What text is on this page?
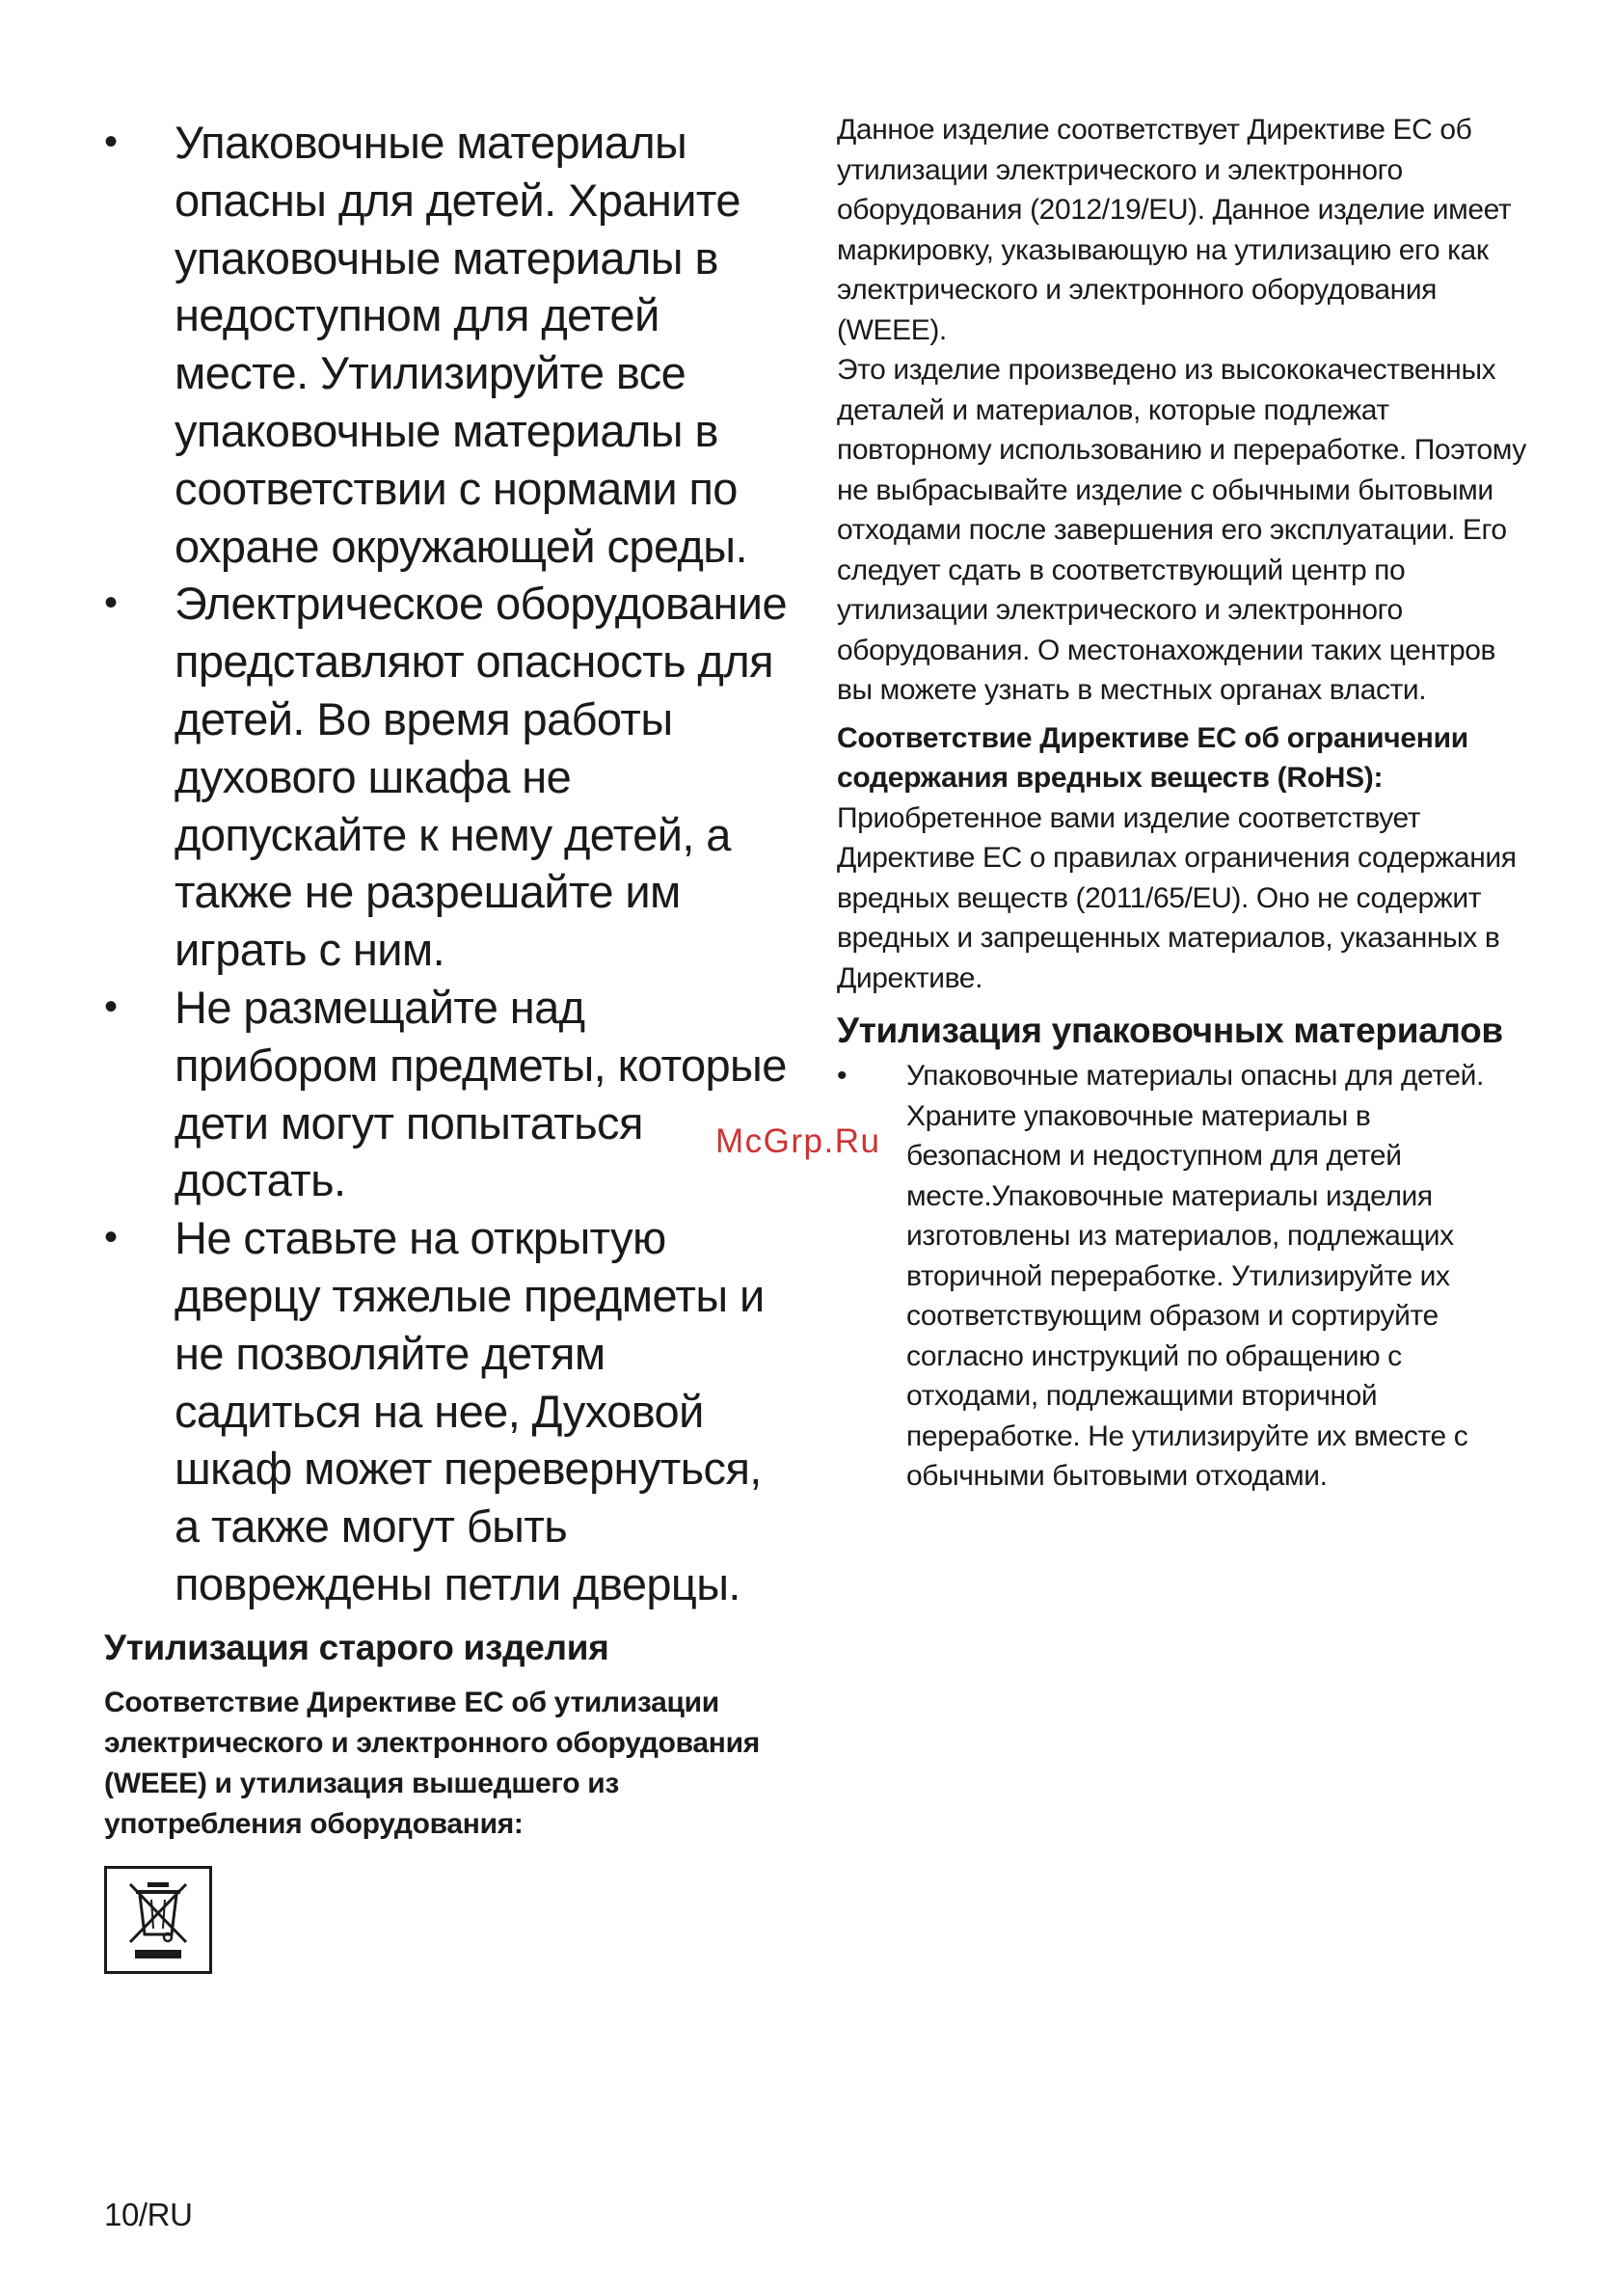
• Упаковочные материалы опасны для детей. Храните упаковочные материалы в недоступном для детей месте. Утилизируйте все упаковочные материалы в соответствии с нормами по охране окружающей среды.
• Электрическое оборудование представляют опасность для детей. Во время работы духового шкафа не допускайте к нему детей, а также не разрешайте им играть с ним.
• Не размещайте над прибором предметы, которые дети могут попытаться достать.
• Не ставьте на открытую дверцу тяжелые предметы и не позволяйте детям садиться на нее, Духовой шкаф может перевернуться, а также могут быть повреждены петли дверцы.
Утилизация старого изделия
Соответствие Директиве ЕС об утилизации электрического и электронного оборудования (WEEE) и утилизация вышедшего из употребления оборудования:

Данное изделие соответствует Директиве ЕС об утилизации электрического и электронного оборудования (2012/19/EU). Данное изделие имеет маркировку, указывающую на утилизацию его как электрического и электронного оборудования (WEEE).

Это изделие произведено из высококачественных деталей и материалов, которые подлежат повторному использованию и переработке. Поэтому не выбрасывайте изделие с обычными бытовыми отходами после завершения его эксплуатации. Его следует сдать в соответствующий центр по утилизации электрического и электронного оборудования. О местонахождении таких центров вы можете узнать в местных органах власти.

Соответствие Директиве ЕС об ограничении содержания вредных веществ (RoHS):

Приобретенное вами изделие соответствует Директиве ЕС о правилах ограничения содержания вредных веществ (2011/65/EU). Оно не содержит вредных и запрещенных материалов, указанных в Директиве.

Утилизация упаковочных материалов
• Упаковочные материалы опасны для детей. Храните упаковочные материалы в безопасном и недоступном для детей месте.Упаковочные материалы изделия изготовлены из материалов, подлежащих вторичной переработке. Утилизируйте их соответствующим образом и сортируйте согласно инструкций по обращению с отходами, подлежащими вторичной переработке. Не утилизируйте их вместе с обычными бытовыми отходами.
McGrp.Ru
10/RU
